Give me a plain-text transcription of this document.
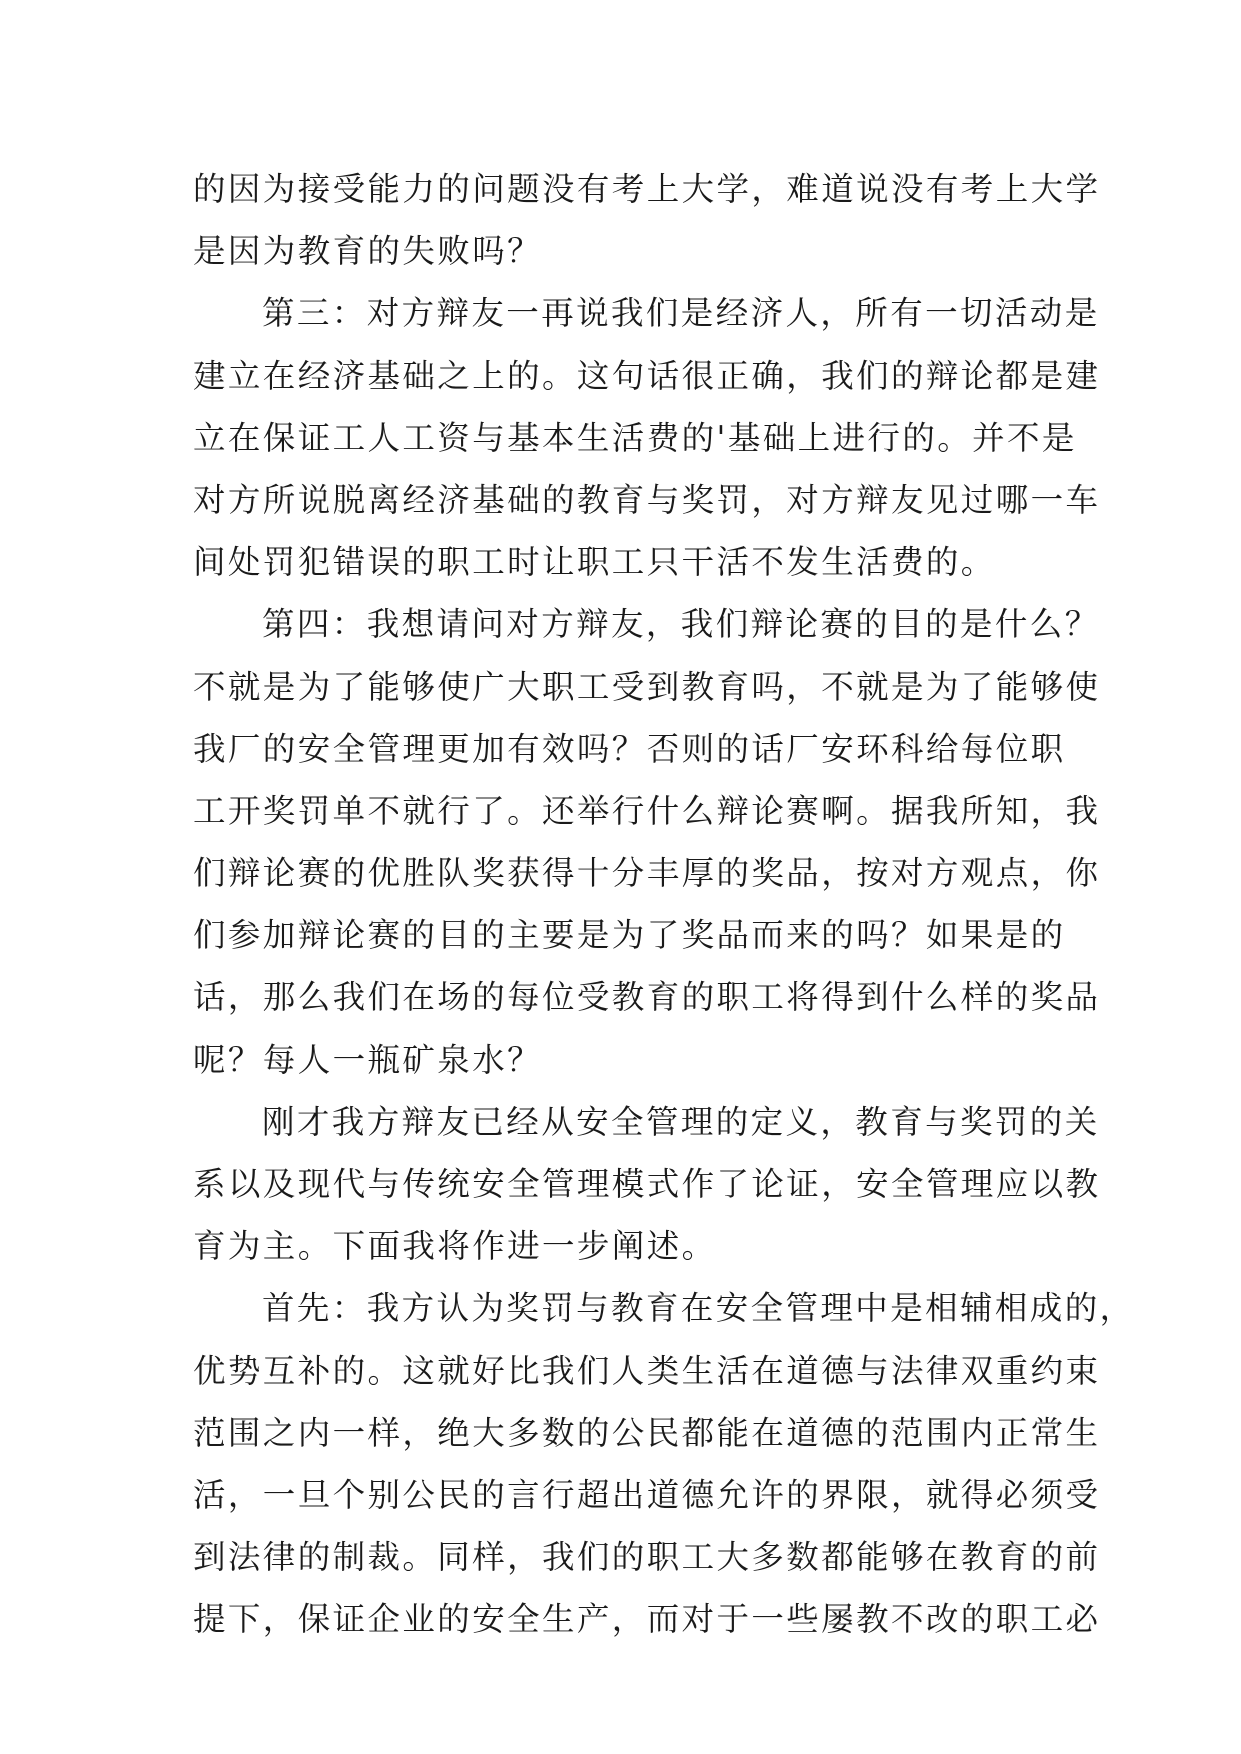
的因为接受能力的问题没有考上大学，难道说没有考上大学
是因为教育的失败吗？
第三：对方辩友一再说我们是经济人，所有一切活动是
建立在经济基础之上的。这句话很正确，我们的辩论都是建
立在保证工人工资与基本生活费的'基础上进行的。并不是
对方所说脱离经济基础的教育与奖罚，对方辩友见过哪一车
间处罚犯错误的职工时让职工只干活不发生活费的。
第四：我想请问对方辩友，我们辩论赛的目的是什么？
不就是为了能够使广大职工受到教育吗，不就是为了能够使
我厂的安全管理更加有效吗？否则的话厂安环科给每位职
工开奖罚单不就行了。还举行什么辩论赛啊。据我所知，我
们辩论赛的优胜队奖获得十分丰厚的奖品，按对方观点，你
们参加辩论赛的目的主要是为了奖品而来的吗？如果是的
话，那么我们在场的每位受教育的职工将得到什么样的奖品
呢？每人一瓶矿泉水？
刚才我方辩友已经从安全管理的定义，教育与奖罚的关
系以及现代与传统安全管理模式作了论证，安全管理应以教
育为主。下面我将作进一步阐述。
首先：我方认为奖罚与教育在安全管理中是相辅相成的，
优势互补的。这就好比我们人类生活在道德与法律双重约束
范围之内一样，绝大多数的公民都能在道德的范围内正常生
活，一旦个别公民的言行超出道德允许的界限，就得必须受
到法律的制裁。同样，我们的职工大多数都能够在教育的前
提下，保证企业的安全生产，而对于一些屡教不改的职工必
